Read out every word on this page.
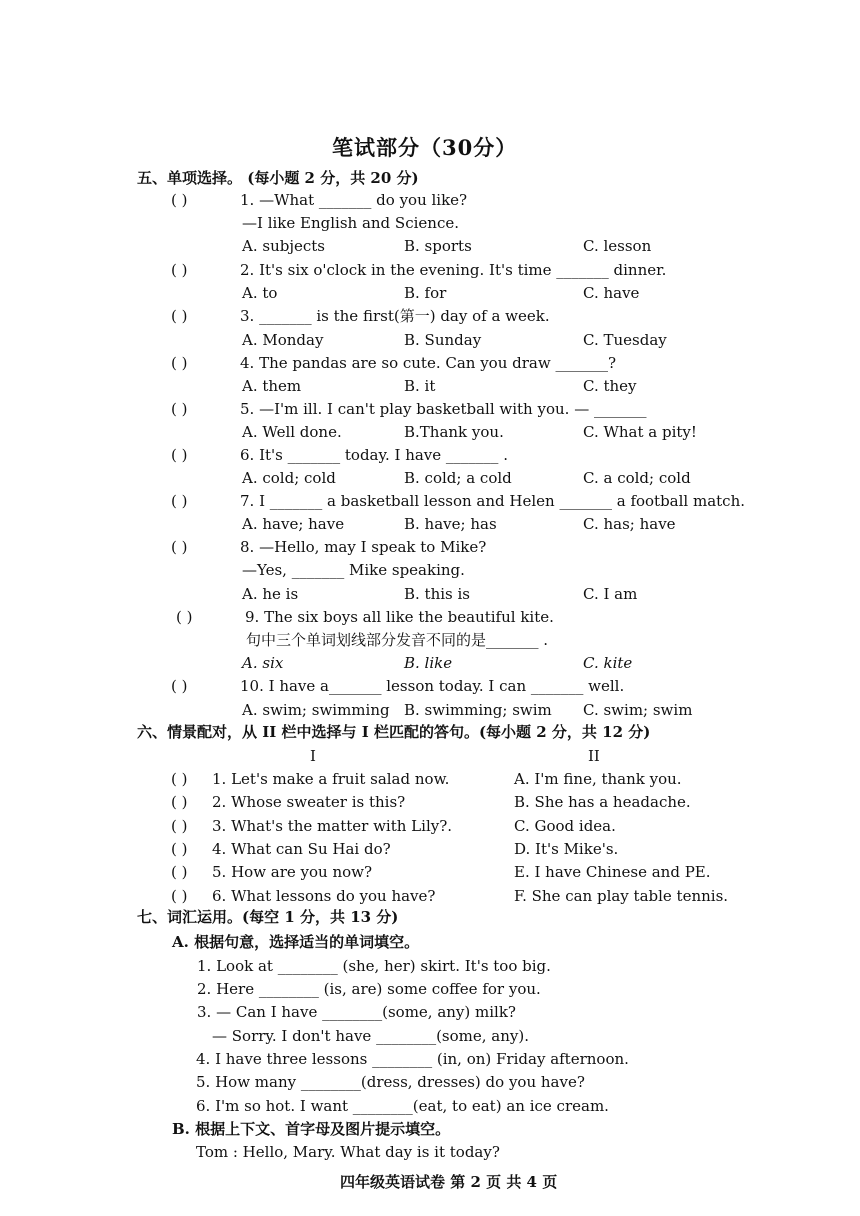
笔试部分（30分）
五、单项选择。 (每小题 2 分，共 20 分)
( )	1. —What _______ do you like?
—I like English and Science.
A. subjects	B. sports	C. lesson
( )	2. It's six o'clock in the evening. It's time _______ dinner.
A. to	B. for	C. have
( )	3. _______ is the first(第一) day of a week.
A. Monday	B. Sunday	C. Tuesday
( )	4. The pandas are so cute. Can you draw _______?
A. them	B. it	C. they
( )	5. —I'm ill. I can't play basketball with you. — _______
A. Well done.	B.Thank you.	C. What a pity!
( )	6. It's _______ today. I have _______ .
A. cold; cold	B. cold; a cold	C. a cold; cold
( )	7. I _______ a basketball lesson and Helen _______ a football match.
A. have; have	B. have; has	C. has; have
( )	8. —Hello, may I speak to Mike?
—Yes, _______ Mike speaking.
A. he is	B. this is	C. I am
( )	9. The six boys all like the beautiful kite.
句中三个单词划线部分发音不同的是_______ .
A. six	B. like	C. kite
( )	10. I have a_______ lesson today. I can _______ well.
A. swim; swimming B. swimming; swim C. swim; swim
六、情景配对，从 II 栏中选择与 I 栏匹配的答句。(每小题 2 分，共 12 分)
I	II
( ) 1. Let's make a fruit salad now.	A. I'm fine, thank you.
( ) 2. Whose sweater is this?	B. She has a headache.
( ) 3. What's the matter with Lily?.	C. Good idea.
( ) 4. What can Su Hai do?	D. It's Mike's.
( ) 5. How are you now?	E. I have Chinese and PE.
( ) 6. What lessons do you have?	F. She can play table tennis.
七、词汇运用。(每空 1 分，共 13 分)
A. 根据句意，选择适当的单词填空。
1. Look at ________ (she, her) skirt. It's too big.
2. Here ________ (is, are) some coffee for you.
3. — Can I have ________(some, any) milk?
— Sorry. I don't have ________(some, any).
4. I have three lessons ________ (in, on) Friday afternoon.
5. How many ________(dress, dresses) do you have?
6. I'm so hot. I want ________(eat, to eat) an ice cream.
B. 根据上下文、首字母及图片提示填空。
Tom : Hello, Mary. What day is it today?
四年级英语试卷 第 2 页 共 4 页
